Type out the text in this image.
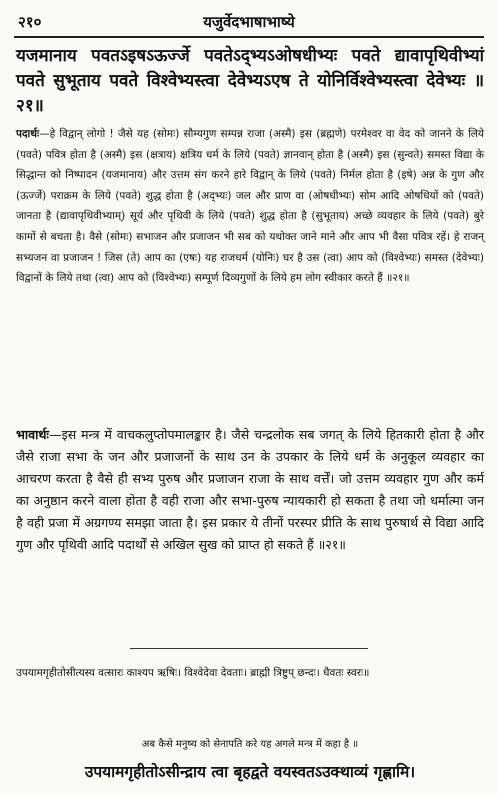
२१०	यजुर्वेदभाषाभाष्ये
यजमानाय पवतऽइषऽऊर्ज्जे पवतेऽद्भ्यऽओषधीभ्यः पवते द्यावापृथिवीभ्यां पवते सुभूताय पवते विश्वेभ्यस्त्वा देवेभ्यऽएष ते योनिर्विश्वेभ्यस्त्वा देवेभ्यः ॥२१॥
पदार्थः—हे विद्वान् लोगो ! जैसे यह (सोमः) सौम्यगुण सम्पन्न राजा (अस्मै) इस (ब्रह्मणे) परमेश्वर वा वेद को जानने के लिये (पवते) पवित्र होता है (अस्मै) इस (क्षत्राय) क्षत्रिय धर्म के लिये (पवते) ज्ञानवान् होता है (अस्मै) इस (सुन्वते) समस्त विद्या के सिद्धान्त को निष्पादन (यजमानाय) और उत्तम संग करने हारे विद्वान् के लिये (पवते) निर्मल होता है (इषे) अन्न के गुण और (ऊर्ज्जे) पराक्रम के लिये (पवते) शुद्ध होता है (अद्भ्यः) जल और प्राण वा (ओषधीभ्यः) सोम आदि ओषधियों को (पवते) जानता है (द्यावापृथिवीभ्याम्) सूर्य और पृथिवी के लिये (पवते) शुद्ध होता है (सुभूताय) अच्छे व्यवहार के लिये (पवते) बुरे कामों से बचता है। वैसे (सोमः) सभाजन और प्रजाजन भी सब को यथोक्त जाने माने और आप भी वैसा पवित्र रहें। हे राजन् सभ्यजन वा प्रजाजन ! जिस (ते) आप का (एषः) यह राजधर्म (योनिः) घर है उस (त्वा) आप को (विश्वेभ्यः) समस्त (देवेभ्यः) विद्वानों के लिये तथा (त्वा) आप को (विश्वेभ्यः) सम्पूर्ण दिव्यगुणों के लिये हम लोग स्वीकार करते हैं ॥२१॥
भावार्थः—इस मन्त्र में वाचकलुप्तोपमालङ्कार है। जैसे चन्द्रलोक सब जगत् के लिये हितकारी होता है और जैसे राजा सभा के जन और प्रजाजनों के साथ उन के उपकार के लिये धर्म के अनुकूल व्यवहार का आचरण करता है वैसे ही सभ्य पुरुष और प्रजाजन राजा के साथ वर्त्तें। जो उत्तम व्यवहार गुण और कर्म का अनुष्ठान करने वाला होता है वही राजा और सभा-पुरुष न्यायकारी हो सकता है तथा जो धर्मात्मा जन है वही प्रजा में अग्रगण्य समझा जाता है। इस प्रकार ये तीनों परस्पर प्रीति के साथ पुरुषार्थ से विद्या आदि गुण और पृथिवी आदि पदार्थों से अखिल सुख को प्राप्त हो सकते हैं ॥२१॥
उपयामगृहीतोसीत्यस्य वत्सारः काश्यप ऋषिः। विश्वेदेवा देवताः। ब्राह्मी त्रिष्टुप् छन्दः। धैवतः स्वरः॥
अब कैसे मनुष्य को सेनापति करे यह अगले मन्त्र में कहा है ॥
उपयामगृहीतोऽसीन्द्राय त्वा बृहद्वते वयस्वतऽउक्थाव्यं गृह्णामि।
